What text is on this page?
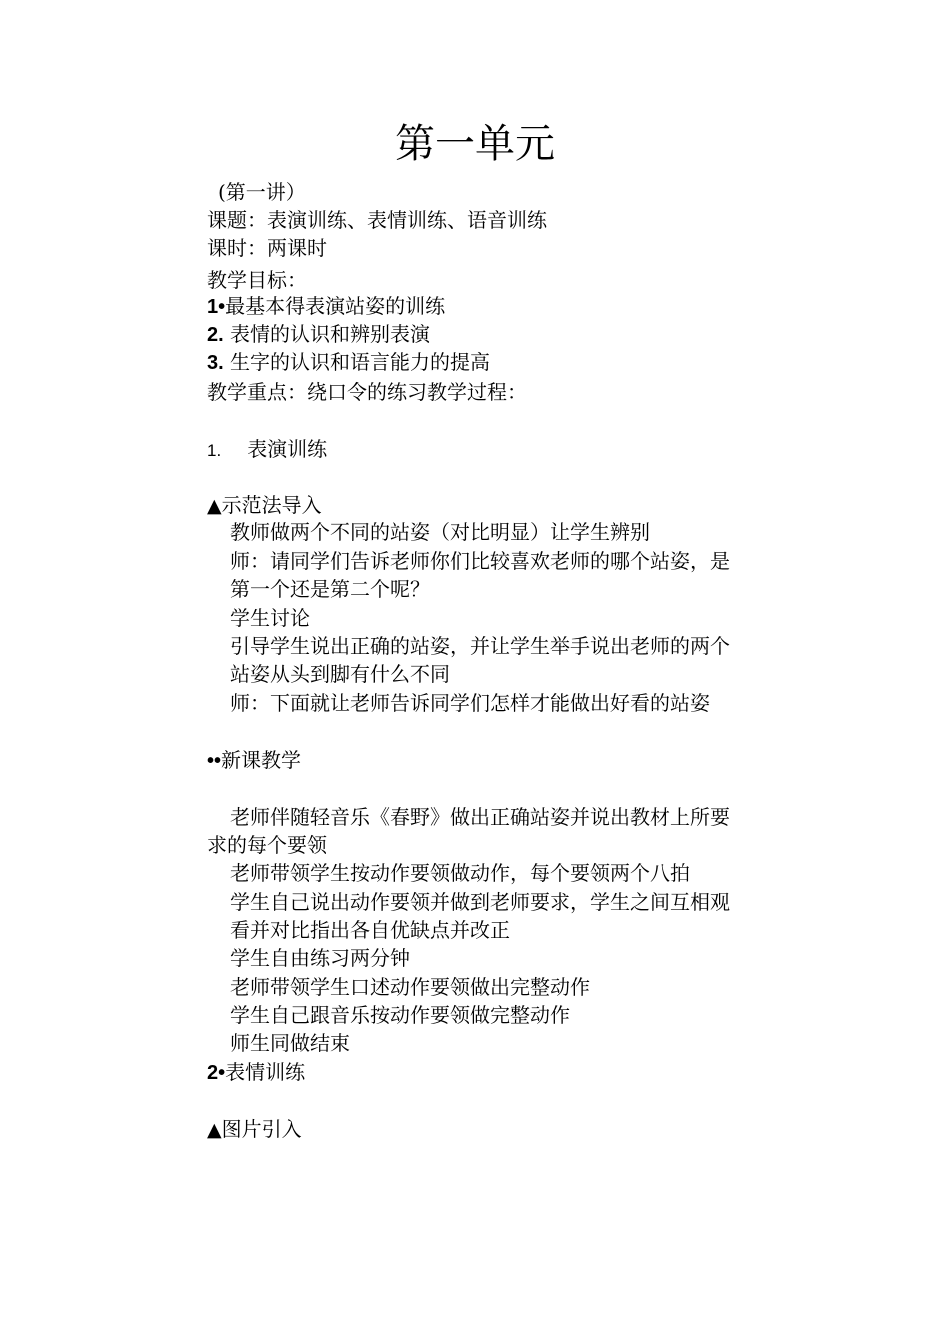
第一单元
(第一讲）
课题：表演训练、表情训练、语音训练
课时：两课时
教学目标：
1•最基本得表演站姿的训练
2. 表情的认识和辨别表演
3. 生字的认识和语言能力的提高
教学重点：绕口令的练习教学过程：
1. 表演训练
▲示范法导入
教师做两个不同的站姿（对比明显）让学生辨别
师：请同学们告诉老师你们比较喜欢老师的哪个站姿，是
第一个还是第二个呢？
学生讨论
引导学生说出正确的站姿，并让学生举手说出老师的两个
站姿从头到脚有什么不同
师：下面就让老师告诉同学们怎样才能做出好看的站姿
••新课教学
老师伴随轻音乐《春野》做出正确站姿并说出教材上所要
求的每个要领
老师带领学生按动作要领做动作，每个要领两个八拍
学生自己说出动作要领并做到老师要求，学生之间互相观
看并对比指出各自优缺点并改正
学生自由练习两分钟
老师带领学生口述动作要领做出完整动作
学生自己跟音乐按动作要领做完整动作
师生同做结束
2•表情训练
▲图片引入
